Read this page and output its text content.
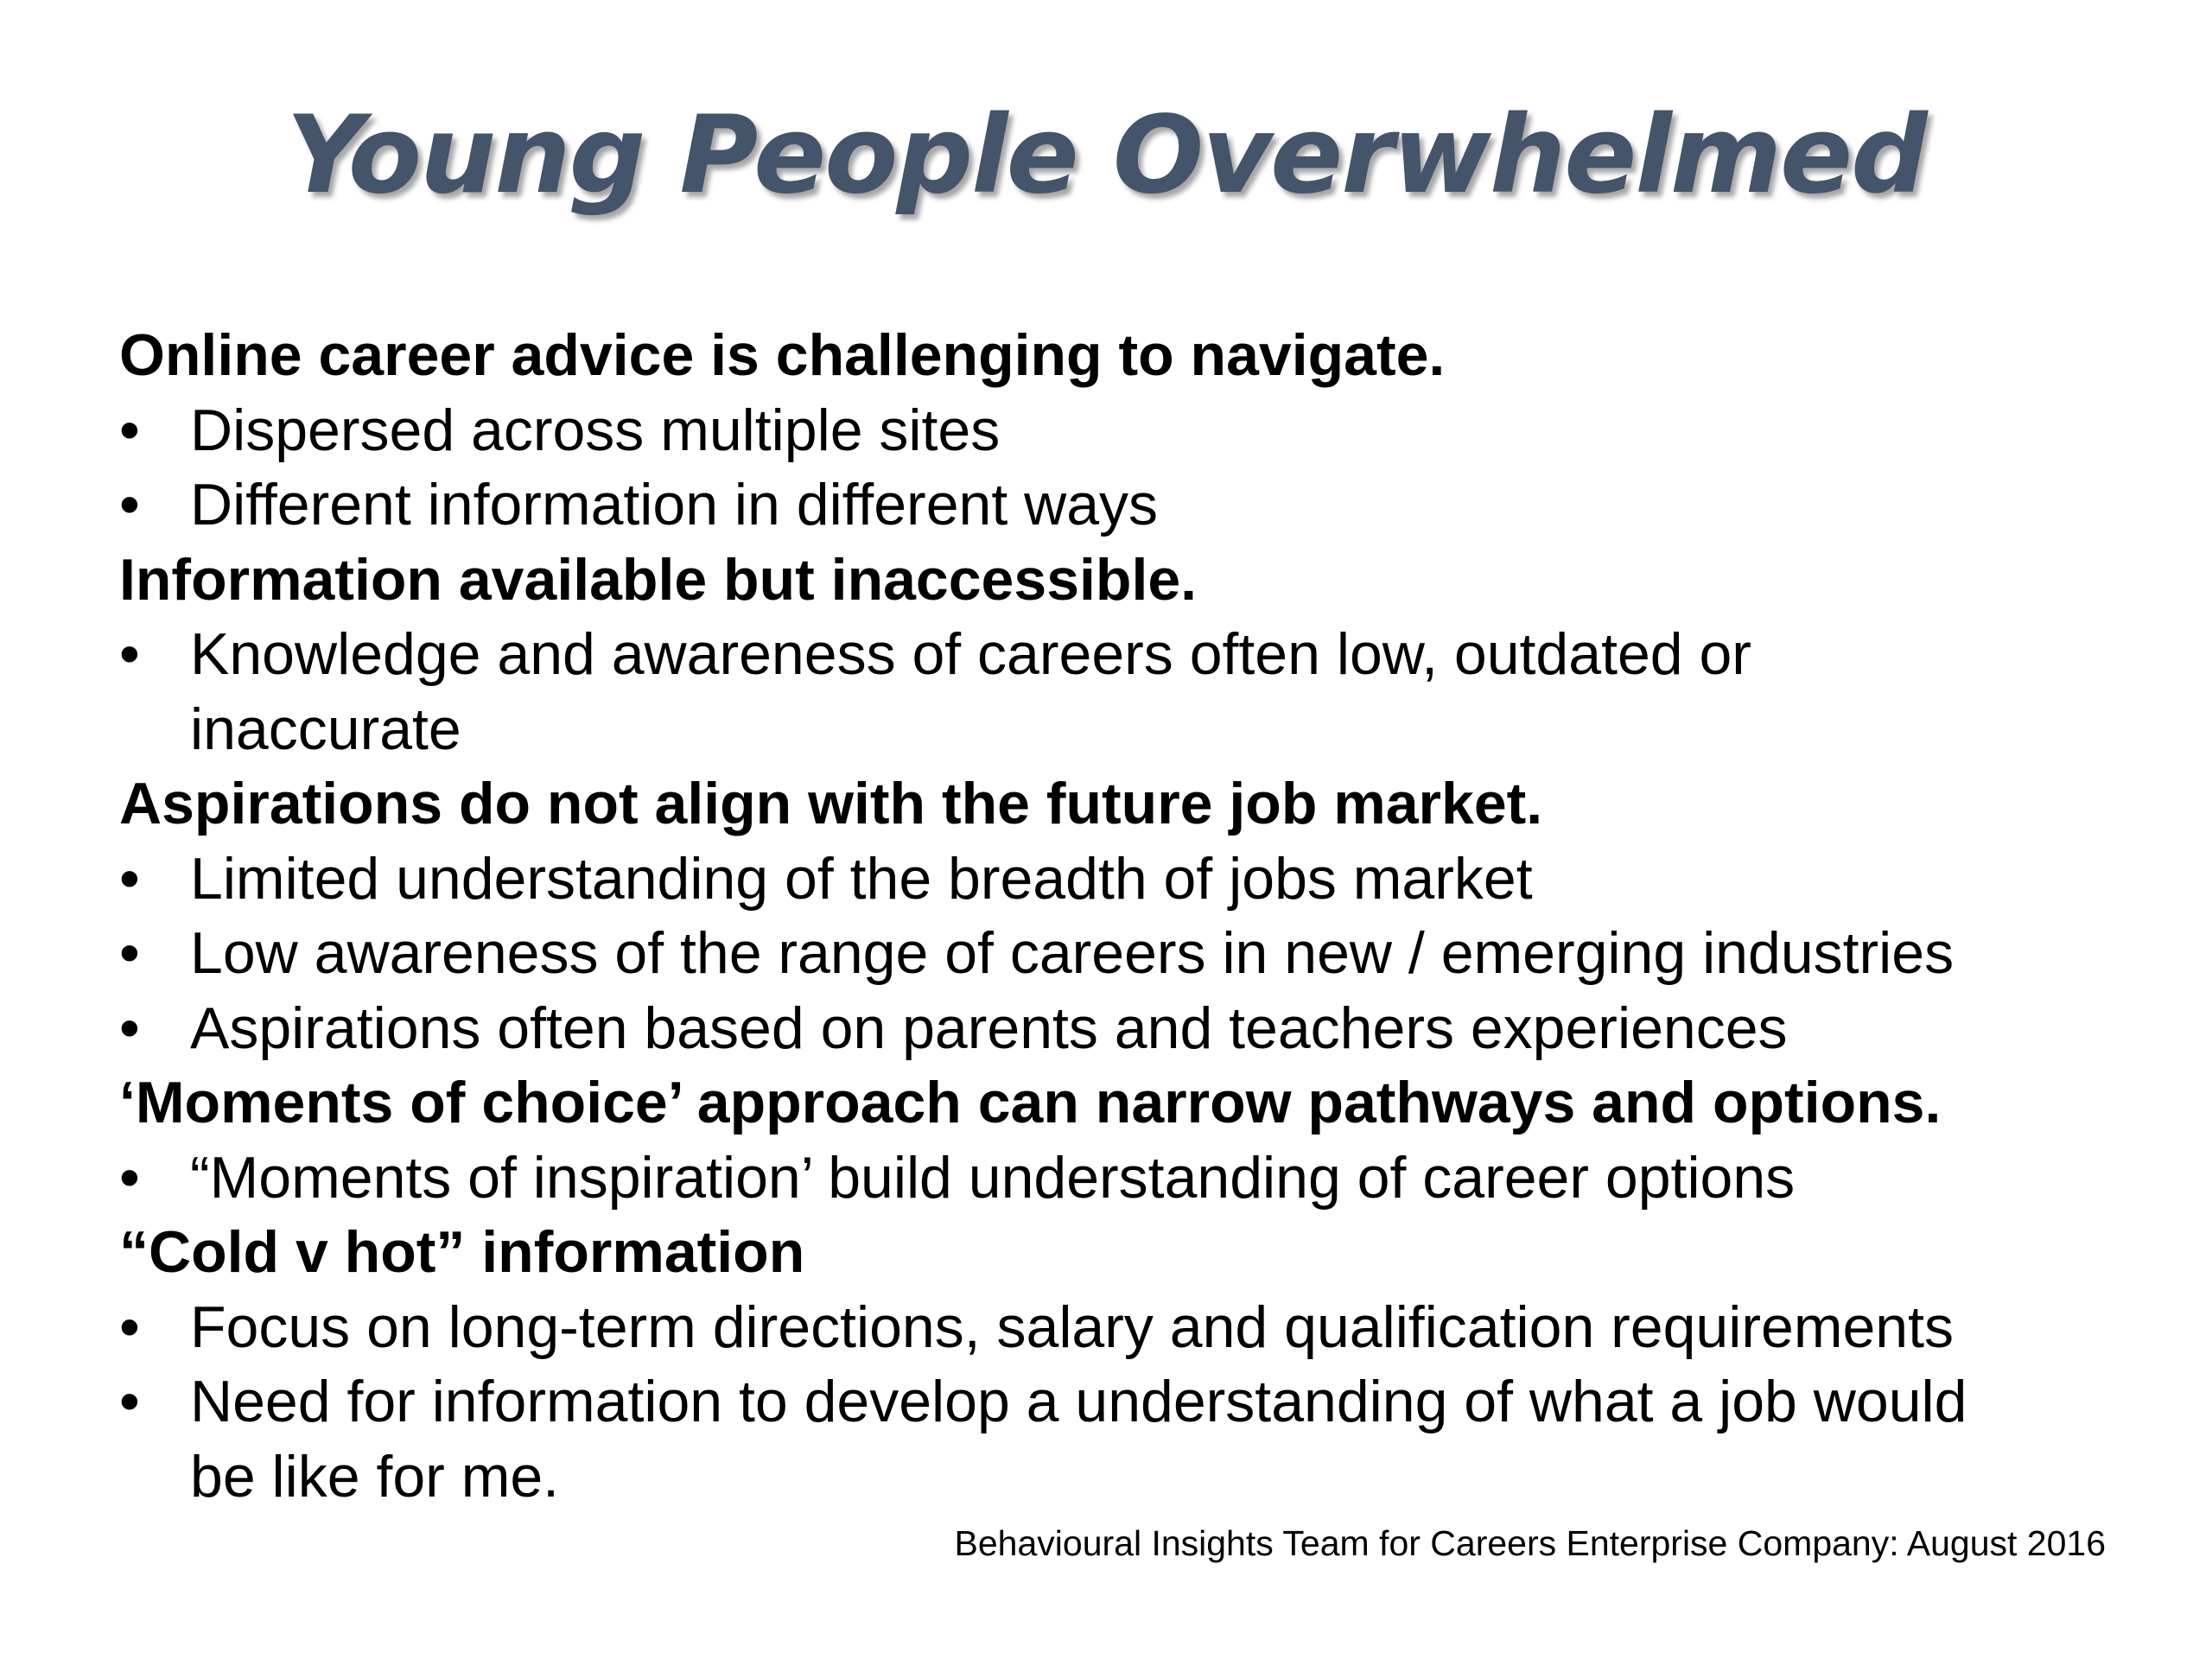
Young People Overwhelmed
Online career advice is challenging to navigate.
• Dispersed across multiple sites
• Different information in different ways
Information available but inaccessible.
• Knowledge and awareness of careers often low, outdated or
inaccurate
Aspirations do not align with the future job market.
• Limited understanding of the breadth of jobs market
• Low awareness of the range of careers in new / emerging industries
• Aspirations often based on parents and teachers experiences
‘Moments of choice’ approach can narrow pathways and options.
• “Moments of inspiration’ build understanding of career options
“Cold v hot” information
• Focus on long-term directions, salary and qualification requirements
• Need for information to develop a understanding of what a job would
be like for me.
Behavioural Insights Team for Careers Enterprise Company: August 2016
